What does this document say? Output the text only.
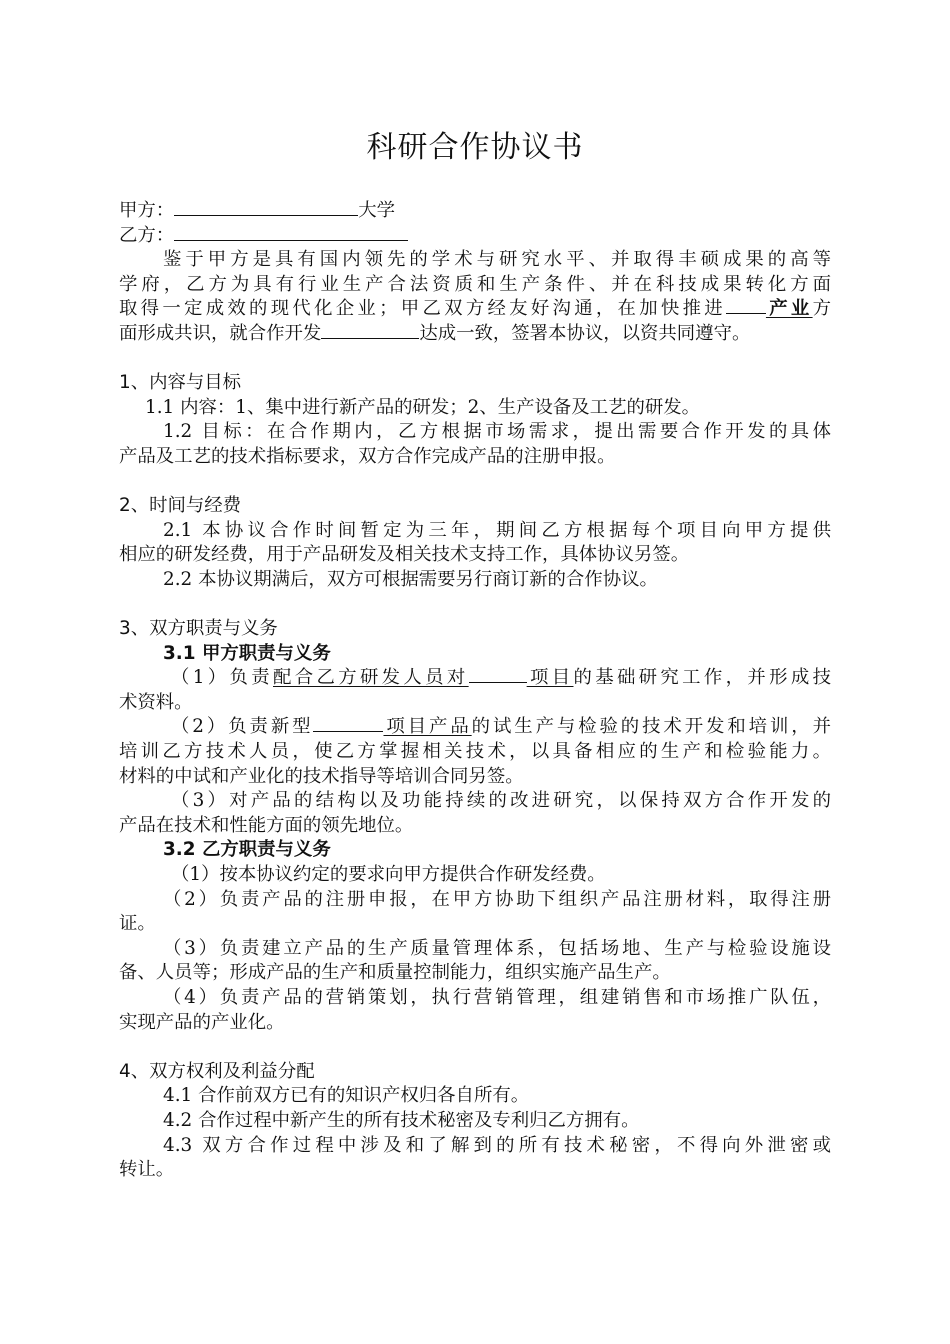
科研合作协议书
甲方：	大学
乙方：
鉴于甲方是具有国内领先的学术与研究水平、并取得丰硕成果的高等
学府，乙方为具有行业生产合法资质和生产条件、并在科技成果转化方面
取得一定成效的现代化企业；甲乙双方经友好沟通，在加快推进 产业方
面形成共识，就合作开发	达成一致，签署本协议，以资共同遵守。
1、内容与目标
1.1 内容：1、集中进行新产品的研发；2、生产设备及工艺的研发。
1.2 目标：在合作期内，乙方根据市场需求，提出需要合作开发的具体
产品及工艺的技术指标要求，双方合作完成产品的注册申报。
2、时间与经费
2.1 本协议合作时间暂定为三年，期间乙方根据每个项目向甲方提供
相应的研发经费，用于产品研发及相关技术支持工作，具体协议另签。
2.2 本协议期满后，双方可根据需要另行商订新的合作协议。
3、双方职责与义务
3.1 甲方职责与义务
（1）负责配合乙方研发人员对	项目的基础研究工作，并形成技
术资料。
（2）负责新型	项目产品的试生产与检验的技术开发和培训，并
培训乙方技术人员，使乙方掌握相关技术，以具备相应的生产和检验能力。
材料的中试和产业化的技术指导等培训合同另签。
（3）对产品的结构以及功能持续的改进研究，以保持双方合作开发的
产品在技术和性能方面的领先地位。
3.2 乙方职责与义务
（1）按本协议约定的要求向甲方提供合作研发经费。
（2）负责产品的注册申报，在甲方协助下组织产品注册材料，取得注册
证。
（3）负责建立产品的生产质量管理体系，包括场地、生产与检验设施设
备、人员等；形成产品的生产和质量控制能力，组织实施产品生产。
（4）负责产品的营销策划，执行营销管理，组建销售和市场推广队伍，
实现产品的产业化。
4、双方权利及利益分配
4.1 合作前双方已有的知识产权归各自所有。
4.2 合作过程中新产生的所有技术秘密及专利归乙方拥有。
4.3 双方合作过程中涉及和了解到的所有技术秘密，不得向外泄密或
转让。
